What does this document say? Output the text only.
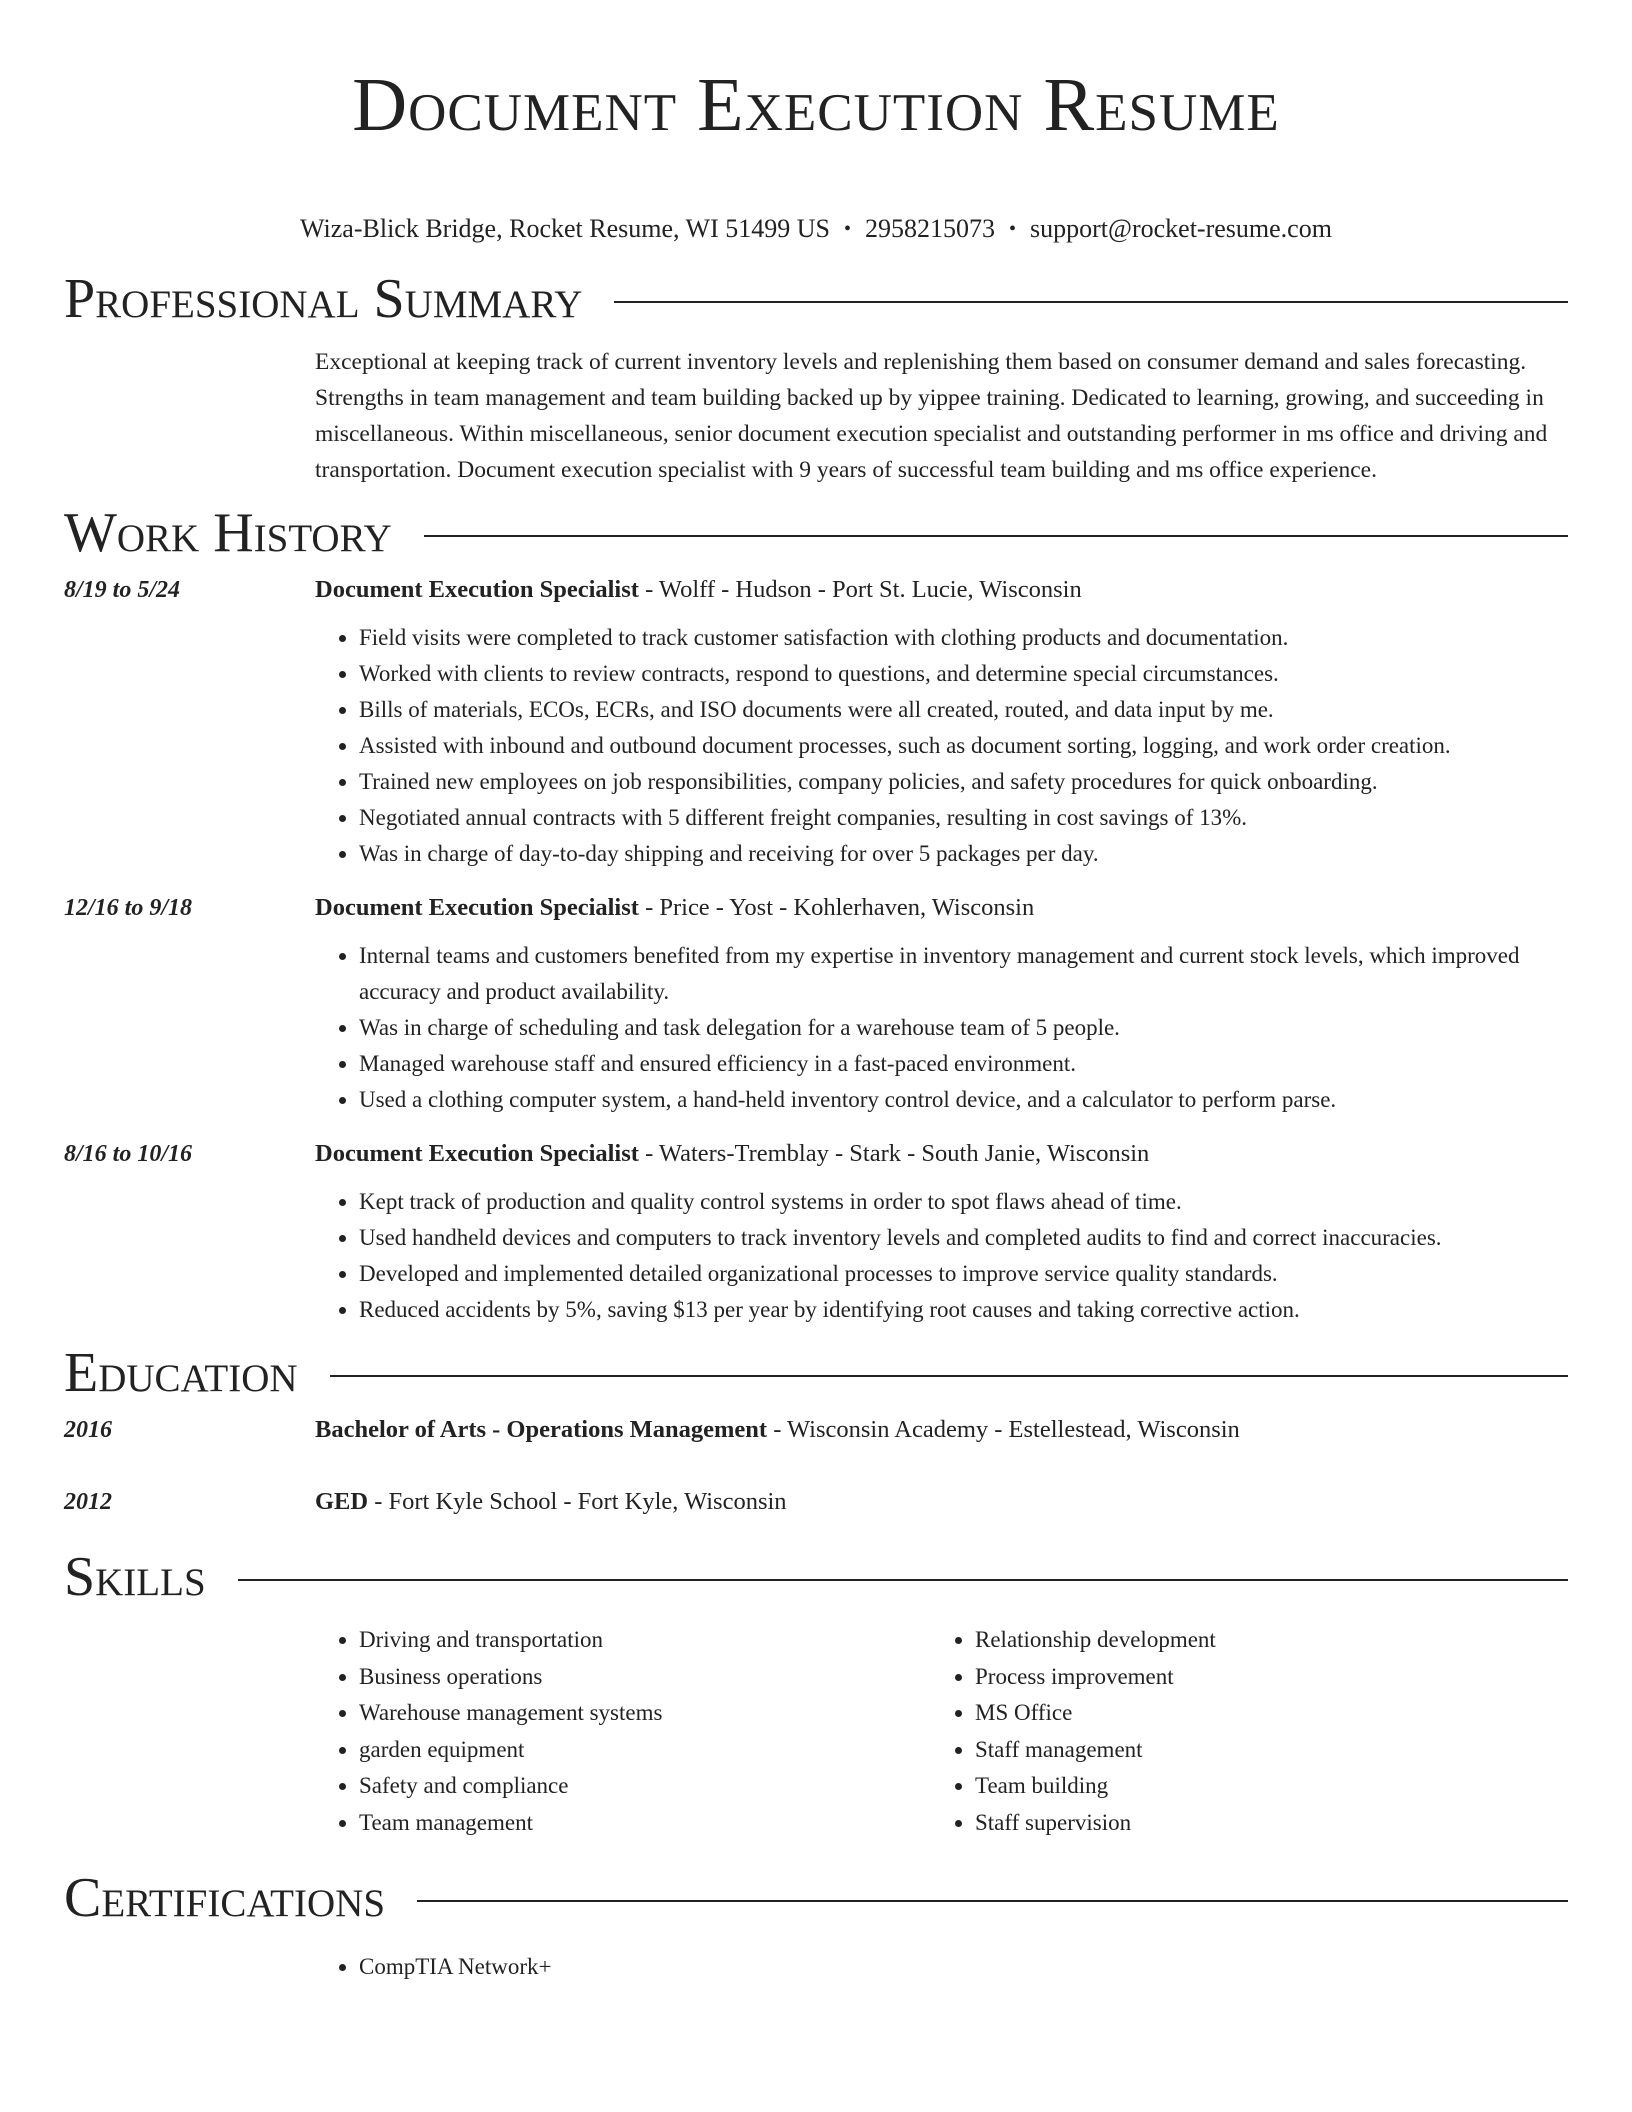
Document Execution Resume
Wiza-Blick Bridge, Rocket Resume, WI 51499 US • 2958215073 • support@rocket-resume.com
Professional Summary
Exceptional at keeping track of current inventory levels and replenishing them based on consumer demand and sales forecasting. Strengths in team management and team building backed up by yippee training. Dedicated to learning, growing, and succeeding in miscellaneous. Within miscellaneous, senior document execution specialist and outstanding performer in ms office and driving and transportation. Document execution specialist with 9 years of successful team building and ms office experience.
Work History
8/19 to 5/24	Document Execution Specialist - Wolff - Hudson - Port St. Lucie, Wisconsin
• Field visits were completed to track customer satisfaction with clothing products and documentation.
• Worked with clients to review contracts, respond to questions, and determine special circumstances.
• Bills of materials, ECOs, ECRs, and ISO documents were all created, routed, and data input by me.
• Assisted with inbound and outbound document processes, such as document sorting, logging, and work order creation.
• Trained new employees on job responsibilities, company policies, and safety procedures for quick onboarding.
• Negotiated annual contracts with 5 different freight companies, resulting in cost savings of 13%.
• Was in charge of day-to-day shipping and receiving for over 5 packages per day.
12/16 to 9/18	Document Execution Specialist - Price - Yost - Kohlerhaven, Wisconsin
• Internal teams and customers benefited from my expertise in inventory management and current stock levels, which improved accuracy and product availability.
• Was in charge of scheduling and task delegation for a warehouse team of 5 people.
• Managed warehouse staff and ensured efficiency in a fast-paced environment.
• Used a clothing computer system, a hand-held inventory control device, and a calculator to perform parse.
8/16 to 10/16	Document Execution Specialist - Waters-Tremblay - Stark - South Janie, Wisconsin
• Kept track of production and quality control systems in order to spot flaws ahead of time.
• Used handheld devices and computers to track inventory levels and completed audits to find and correct inaccuracies.
• Developed and implemented detailed organizational processes to improve service quality standards.
• Reduced accidents by 5%, saving $13 per year by identifying root causes and taking corrective action.
Education
2016	Bachelor of Arts - Operations Management - Wisconsin Academy - Estellestead, Wisconsin
2012	GED - Fort Kyle School - Fort Kyle, Wisconsin
Skills
• Driving and transportation
• Business operations
• Warehouse management systems
• garden equipment
• Safety and compliance
• Team management
• Relationship development
• Process improvement
• MS Office
• Staff management
• Team building
• Staff supervision
Certifications
• CompTIA Network+
